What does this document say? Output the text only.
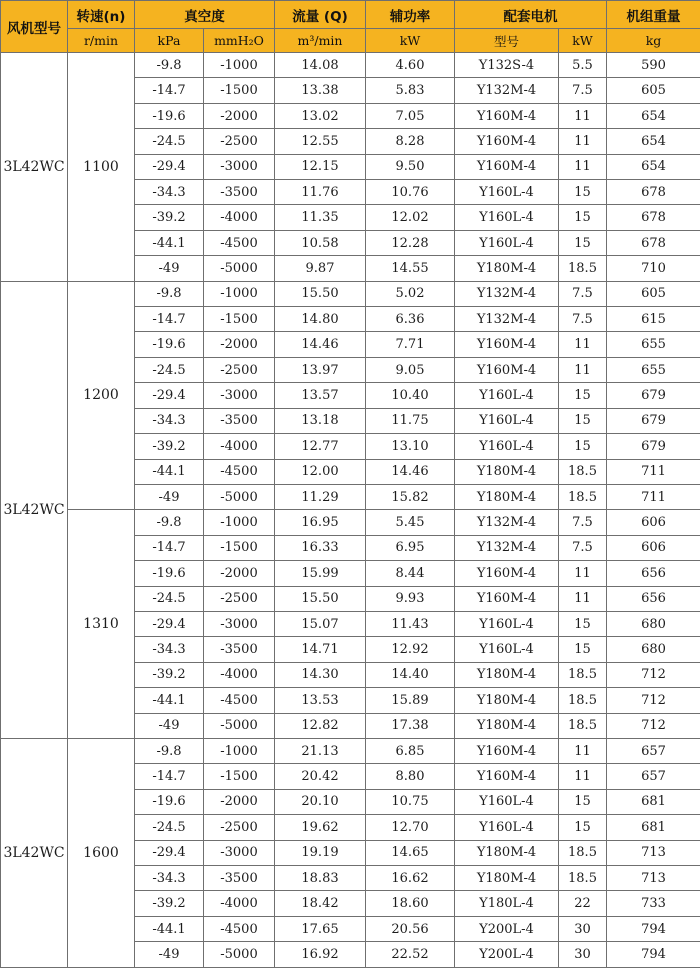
风机型号	转速(n)	真空度		流量 (Q)	辅功率	配套电机		机组重量
	r/min	kPa	mmH₂O	m³/min	kW	型号	kW	kg
3L42WC	1100	-9.8	-1000	14.08	4.60	Y132S-4	5.5	590
		-14.7	-1500	13.38	5.83	Y132M-4	7.5	605
		-19.6	-2000	13.02	7.05	Y160M-4	11	654
		-24.5	-2500	12.55	8.28	Y160M-4	11	654
		-29.4	-3000	12.15	9.50	Y160M-4	11	654
		-34.3	-3500	11.76	10.76	Y160L-4	15	678
		-39.2	-4000	11.35	12.02	Y160L-4	15	678
		-44.1	-4500	10.58	12.28	Y160L-4	15	678
		-49	-5000	9.87	14.55	Y180M-4	18.5	710
3L42WC	1200	-9.8	-1000	15.50	5.02	Y132M-4	7.5	605
		-14.7	-1500	14.80	6.36	Y132M-4	7.5	615
		-19.6	-2000	14.46	7.71	Y160M-4	11	655
		-24.5	-2500	13.97	9.05	Y160M-4	11	655
		-29.4	-3000	13.57	10.40	Y160L-4	15	679
		-34.3	-3500	13.18	11.75	Y160L-4	15	679
		-39.2	-4000	12.77	13.10	Y160L-4	15	679
		-44.1	-4500	12.00	14.46	Y180M-4	18.5	711
		-49	-5000	11.29	15.82	Y180M-4	18.5	711
	1310	-9.8	-1000	16.95	5.45	Y132M-4	7.5	606
		-14.7	-1500	16.33	6.95	Y132M-4	7.5	606
		-19.6	-2000	15.99	8.44	Y160M-4	11	656
		-24.5	-2500	15.50	9.93	Y160M-4	11	656
		-29.4	-3000	15.07	11.43	Y160L-4	15	680
		-34.3	-3500	14.71	12.92	Y160L-4	15	680
		-39.2	-4000	14.30	14.40	Y180M-4	18.5	712
		-44.1	-4500	13.53	15.89	Y180M-4	18.5	712
		-49	-5000	12.82	17.38	Y180M-4	18.5	712
3L42WC	1600	-9.8	-1000	21.13	6.85	Y160M-4	11	657
		-14.7	-1500	20.42	8.80	Y160M-4	11	657
		-19.6	-2000	20.10	10.75	Y160L-4	15	681
		-24.5	-2500	19.62	12.70	Y160L-4	15	681
		-29.4	-3000	19.19	14.65	Y180M-4	18.5	713
		-34.3	-3500	18.83	16.62	Y180M-4	18.5	713
		-39.2	-4000	18.42	18.60	Y180L-4	22	733
		-44.1	-4500	17.65	20.56	Y200L-4	30	794
		-49	-5000	16.92	22.52	Y200L-4	30	794
